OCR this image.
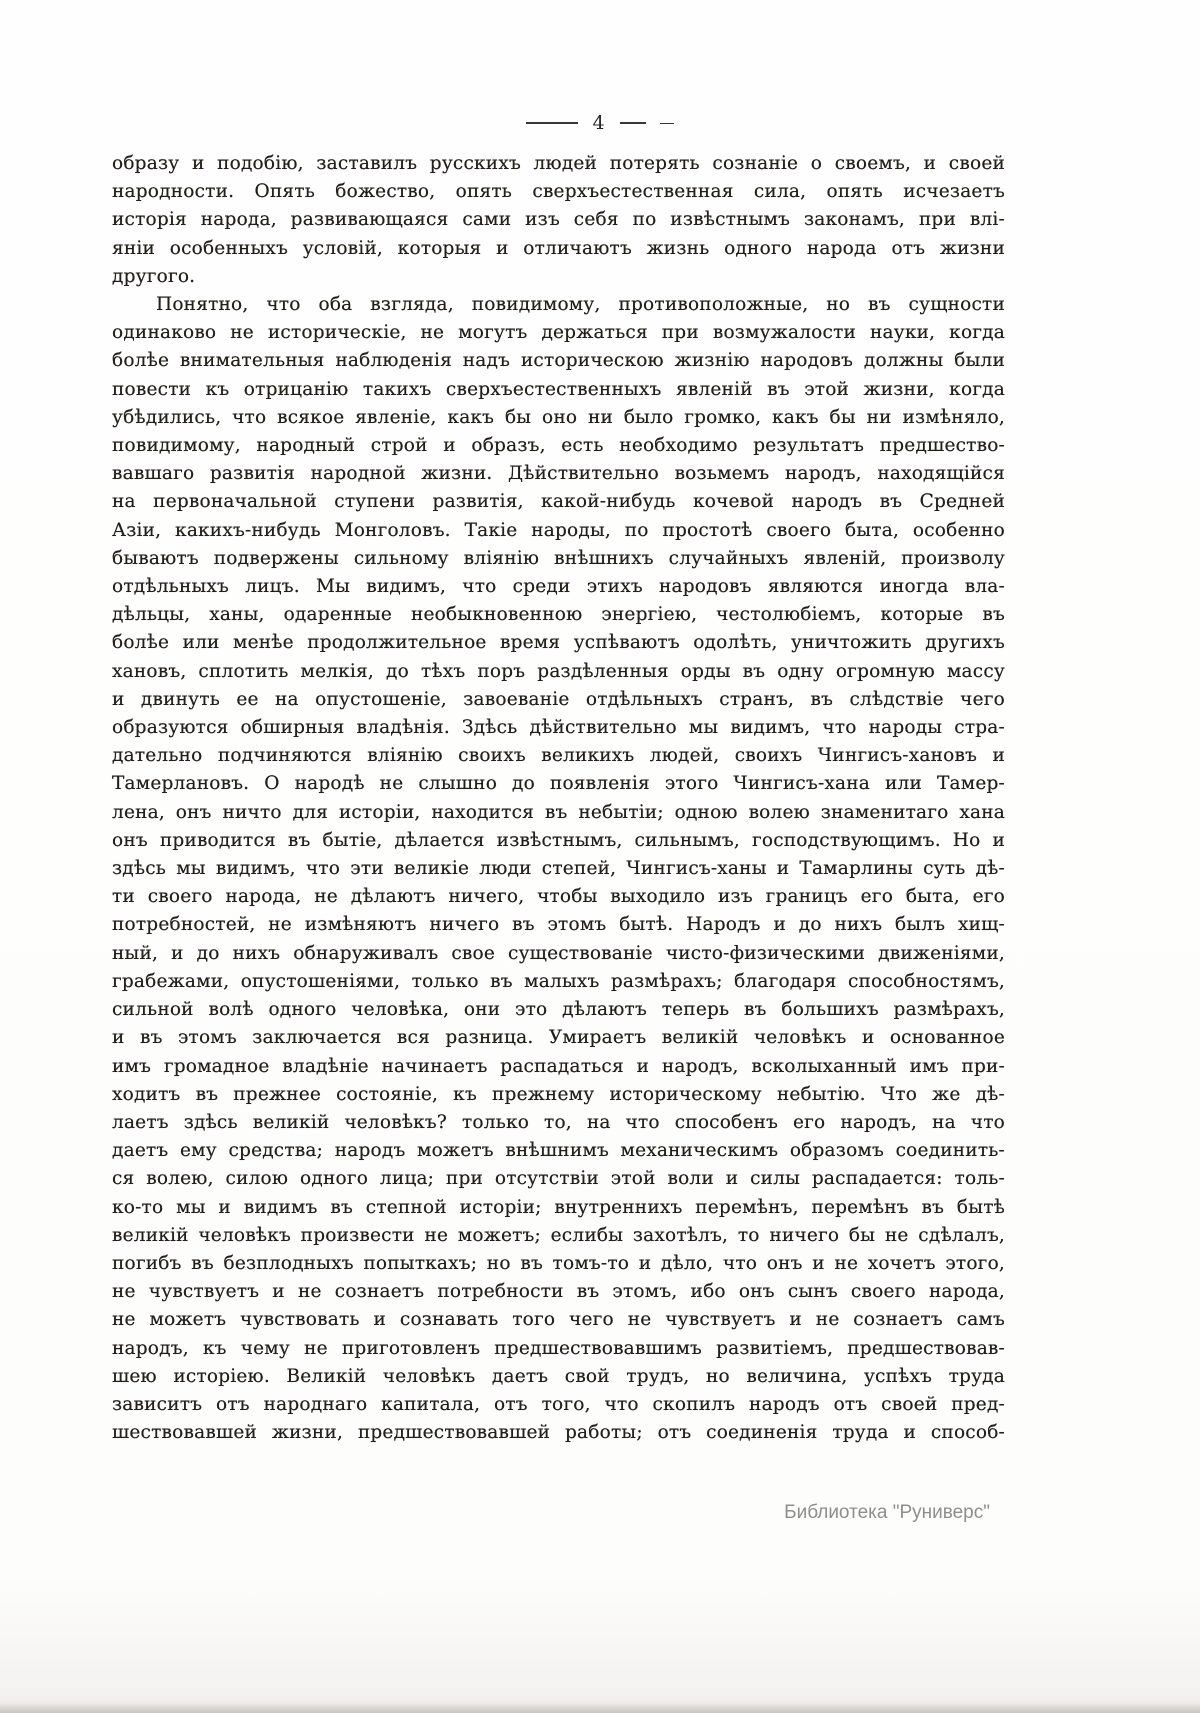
4
образу и подобію, заставилъ русскихъ людей потерять сознаніе о своемъ, и своей
народности. Опять божество, опять сверхъестественная сила, опять исчезаетъ
исторія народа, развивающаяся сами изъ себя по извѣстнымъ законамъ, при влі-
яніи особенныхъ условій, которыя и отличаютъ жизнь одного народа отъ жизни
другого.
Понятно, что оба взгляда, повидимому, противоположные, но въ сущности
одинаково не историческіе, не могутъ держаться при возмужалости науки, когда
болѣе внимательныя наблюденія надъ историческою жизнію народовъ должны были
повести къ отрицанію такихъ сверхъестественныхъ явленій въ этой жизни, когда
убѣдились, что всякое явленіе, какъ бы оно ни было громко, какъ бы ни измѣняло,
повидимому, народный строй и образъ, есть необходимо результатъ предшество-
вавшаго развитія народной жизни. Дѣйствительно возьмемъ народъ, находящійся
на первоначальной ступени развитія, какой-нибудь кочевой народъ въ Средней
Азіи, какихъ-нибудь Монголовъ. Такіе народы, по простотѣ своего быта, особенно
бываютъ подвержены сильному вліянію внѣшнихъ случайныхъ явленій, произволу
отдѣльныхъ лицъ. Мы видимъ, что среди этихъ народовъ являются иногда вла-
дѣльцы, ханы, одаренные необыкновенною энергіею, честолюбіемъ, которые въ
болѣе или менѣе продолжительное время успѣваютъ одолѣть, уничтожить другихъ
хановъ, сплотить мелкія, до тѣхъ поръ раздѣленныя орды въ одну огромную массу
и двинуть ее на опустошеніе, завоеваніе отдѣльныхъ странъ, въ слѣдствіе чего
образуются обширныя владѣнія. Здѣсь дѣйствительно мы видимъ, что народы стра-
дательно подчиняются вліянію своихъ великихъ людей, своихъ Чингисъ-хановъ и
Тамерлановъ. О народѣ не слышно до появленія этого Чингисъ-хана или Тамер-
лена, онъ ничто для исторіи, находится въ небытіи; одною волею знаменитаго хана
онъ приводится въ бытіе, дѣлается извѣстнымъ, сильнымъ, господствующимъ. Но и
здѣсь мы видимъ, что эти великіе люди степей, Чингисъ-ханы и Тамарлины суть дѣ-
ти своего народа, не дѣлаютъ ничего, чтобы выходило изъ границъ его быта, его
потребностей, не измѣняютъ ничего въ этомъ бытѣ. Народъ и до нихъ былъ хищ-
ный, и до нихъ обнаруживалъ свое существованіе чисто-физическими движеніями,
грабежами, опустошеніями, только въ малыхъ размѣрахъ; благодаря способностямъ,
сильной волѣ одного человѣка, они это дѣлаютъ теперь въ большихъ размѣрахъ,
и въ этомъ заключается вся разница. Умираетъ великій человѣкъ и основанное
имъ громадное владѣніе начинаетъ распадаться и народъ, всколыханный имъ при-
ходитъ въ прежнее состояніе, къ прежнему историческому небытію. Что же дѣ-
лаетъ здѣсь великій человѣкъ? только то, на что способенъ его народъ, на что
даетъ ему средства; народъ можетъ внѣшнимъ механическимъ образомъ соединить-
ся волею, силою одного лица; при отсутствіи этой воли и силы распадается: толь-
ко-то мы и видимъ въ степной исторіи; внутреннихъ перемѣнъ, перемѣнъ въ бытѣ
великій человѣкъ произвести не можетъ; еслибы захотѣлъ, то ничего бы не сдѣлалъ,
погибъ въ безплодныхъ попыткахъ; но въ томъ-то и дѣло, что онъ и не хочетъ этого,
не чувствуетъ и не сознаетъ потребности въ этомъ, ибо онъ сынъ своего народа,
не можетъ чувствовать и сознавать того чего не чувствуетъ и не сознаетъ самъ
народъ, къ чему не приготовленъ предшествовавшимъ развитіемъ, предшествовав-
шею исторіею. Великій человѣкъ даетъ свой трудъ, но величина, успѣхъ труда
зависитъ отъ народнаго капитала, отъ того, что скопилъ народъ отъ своей пред-
шествовавшей жизни, предшествовавшей работы; отъ соединенія труда и способ-
Библиотека "Руниверс"
